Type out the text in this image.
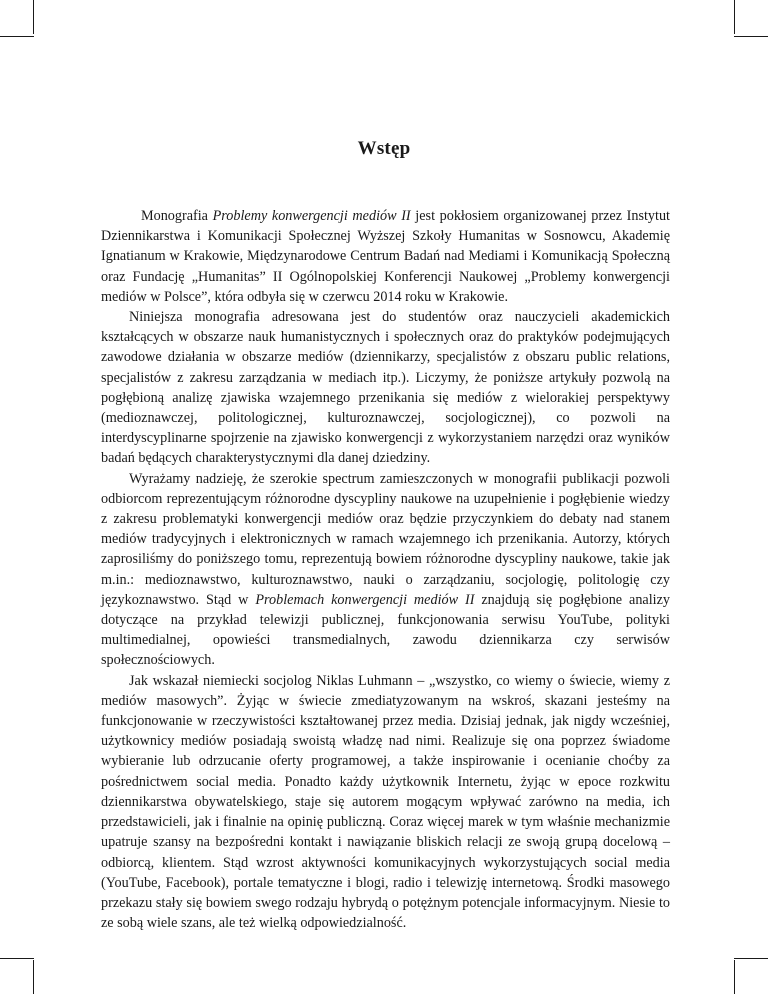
Wstęp

Monografia Problemy konwergencji mediów II jest pokłosiem organizowanej przez Instytut Dziennikarstwa i Komunikacji Społecznej Wyższej Szkoły Humanitas w Sosnowcu, Akademię Ignatianum w Krakowie, Międzynarodowe Centrum Badań nad Mediami i Komunikacją Społeczną oraz Fundację „Humanitas” II Ogólnopolskiej Konferencji Naukowej „Problemy konwergencji mediów w Polsce”, która odbyła się w czerwcu 2014 roku w Krakowie.

Niniejsza monografia adresowana jest do studentów oraz nauczycieli akademickich kształcących w obszarze nauk humanistycznych i społecznych oraz do praktyków podejmujących zawodowe działania w obszarze mediów (dziennikarzy, specjalistów z obszaru public relations, specjalistów z zakresu zarządzania w mediach itp.). Liczymy, że poniższe artykuły pozwolą na pogłębioną analizę zjawiska wzajemnego przenikania się mediów z wielorakiej perspektywy (medioznawczej, politologicznej, kulturoznawczej, socjologicznej), co pozwoli na interdyscyplinarne spojrzenie na zjawisko konwergencji z wykorzystaniem narzędzi oraz wyników badań będących charakterystycznymi dla danej dziedziny.

Wyrażamy nadzieję, że szerokie spectrum zamieszczonych w monografii publikacji pozwoli odbiorcom reprezentującym różnorodne dyscypliny naukowe na uzupełnienie i pogłębienie wiedzy z zakresu problematyki konwergencji mediów oraz będzie przyczynkiem do debaty nad stanem mediów tradycyjnych i elektronicznych w ramach wzajemnego ich przenikania. Autorzy, których zaprosiliśmy do poniższego tomu, reprezentują bowiem różnorodne dyscypliny naukowe, takie jak m.in.: medioznawstwo, kulturoznawstwo, nauki o zarządzaniu, socjologię, politologię czy językoznawstwo. Stąd w Problemach konwergencji mediów II znajdują się pogłębione analizy dotyczące na przykład telewizji publicznej, funkcjonowania serwisu YouTube, polityki multimedialnej, opowieści transmedialnych, zawodu dziennikarza czy serwisów społecznościowych.

Jak wskazał niemiecki socjolog Niklas Luhmann – „wszystko, co wiemy o świecie, wiemy z mediów masowych”. Żyjąc w świecie zmediatyzowanym na wskroś, skazani jesteśmy na funkcjonowanie w rzeczywistości kształtowanej przez media. Dzisiaj jednak, jak nigdy wcześniej, użytkownicy mediów posiadają swoistą władzę nad nimi. Realizuje się ona poprzez świadome wybieranie lub odrzucanie oferty programowej, a także inspirowanie i ocenianie choćby za pośrednictwem social media. Ponadto każdy użytkownik Internetu, żyjąc w epoce rozkwitu dziennikarstwa obywatelskiego, staje się autorem mogącym wpływać zarówno na media, ich przedstawicieli, jak i finalnie na opinię publiczną. Coraz więcej marek w tym właśnie mechanizmie upatruje szansy na bezpośredni kontakt i nawiązanie bliskich relacji ze swoją grupą docelową – odbiorcą, klientem. Stąd wzrost aktywności komunikacyjnych wykorzystujących social media (YouTube, Facebook), portale tematyczne i blogi, radio i telewizję internetową. Środki masowego przekazu stały się bowiem swego rodzaju hybrydą o potężnym potencjale informacyjnym. Niesie to ze sobą wiele szans, ale też wielką odpowiedzialność.
